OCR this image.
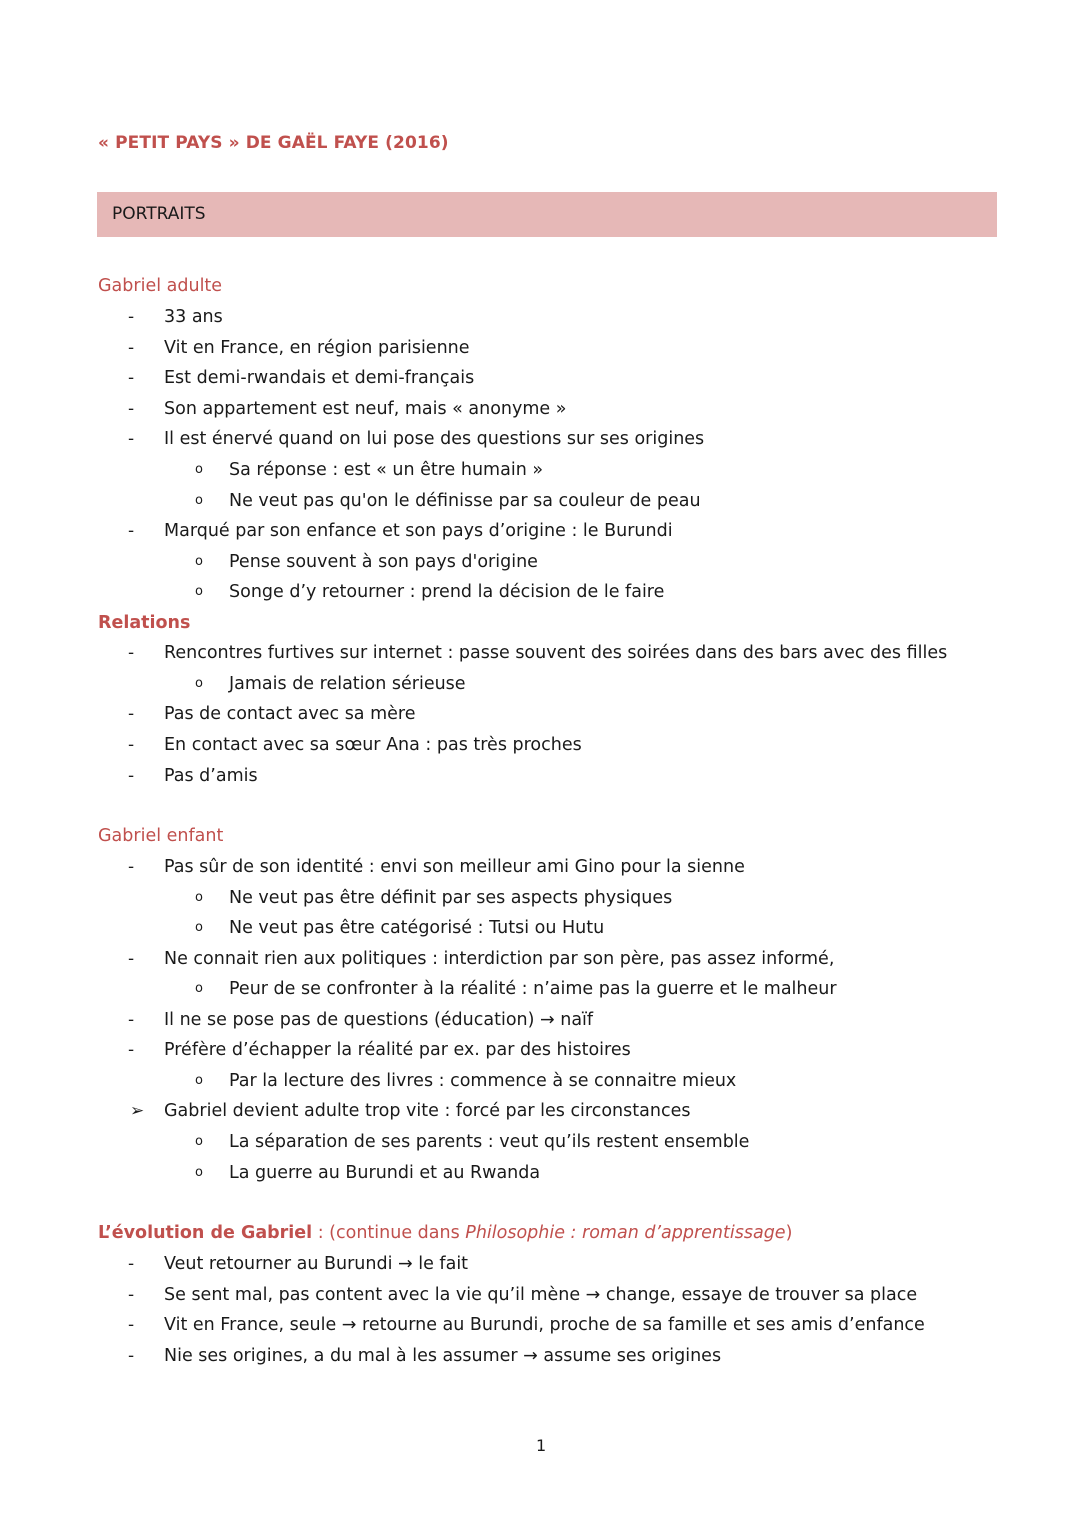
« PETIT PAYS » DE GAËL FAYE (2016)
PORTRAITS
Gabriel adulte
- 33 ans
- Vit en France, en région parisienne
- Est demi-rwandais et demi-français
- Son appartement est neuf, mais « anonyme »
- Il est énervé quand on lui pose des questions sur ses origines
o Sa réponse : est « un être humain »
o Ne veut pas qu'on le définisse par sa couleur de peau
- Marqué par son enfance et son pays d’origine : le Burundi
o Pense souvent à son pays d'origine
o Songe d’y retourner : prend la décision de le faire
Relations
- Rencontres furtives sur internet : passe souvent des soirées dans des bars avec des filles
o Jamais de relation sérieuse
- Pas de contact avec sa mère
- En contact avec sa sœur Ana : pas très proches
- Pas d’amis
Gabriel enfant
- Pas sûr de son identité : envi son meilleur ami Gino pour la sienne
o Ne veut pas être définit par ses aspects physiques
o Ne veut pas être catégorisé : Tutsi ou Hutu
- Ne connait rien aux politiques : interdiction par son père, pas assez informé,
o Peur de se confronter à la réalité : n’aime pas la guerre et le malheur
- Il ne se pose pas de questions (éducation) → naïf
- Préfère d’échapper la réalité par ex. par des histoires
o Par la lecture des livres : commence à se connaitre mieux
➢ Gabriel devient adulte trop vite : forcé par les circonstances
o La séparation de ses parents : veut qu’ils restent ensemble
o La guerre au Burundi et au Rwanda
L’évolution de Gabriel : (continue dans Philosophie : roman d’apprentissage)
- Veut retourner au Burundi → le fait
- Se sent mal, pas content avec la vie qu’il mène → change, essaye de trouver sa place
- Vit en France, seule → retourne au Burundi, proche de sa famille et ses amis d’enfance
- Nie ses origines, a du mal à les assumer → assume ses origines
1
